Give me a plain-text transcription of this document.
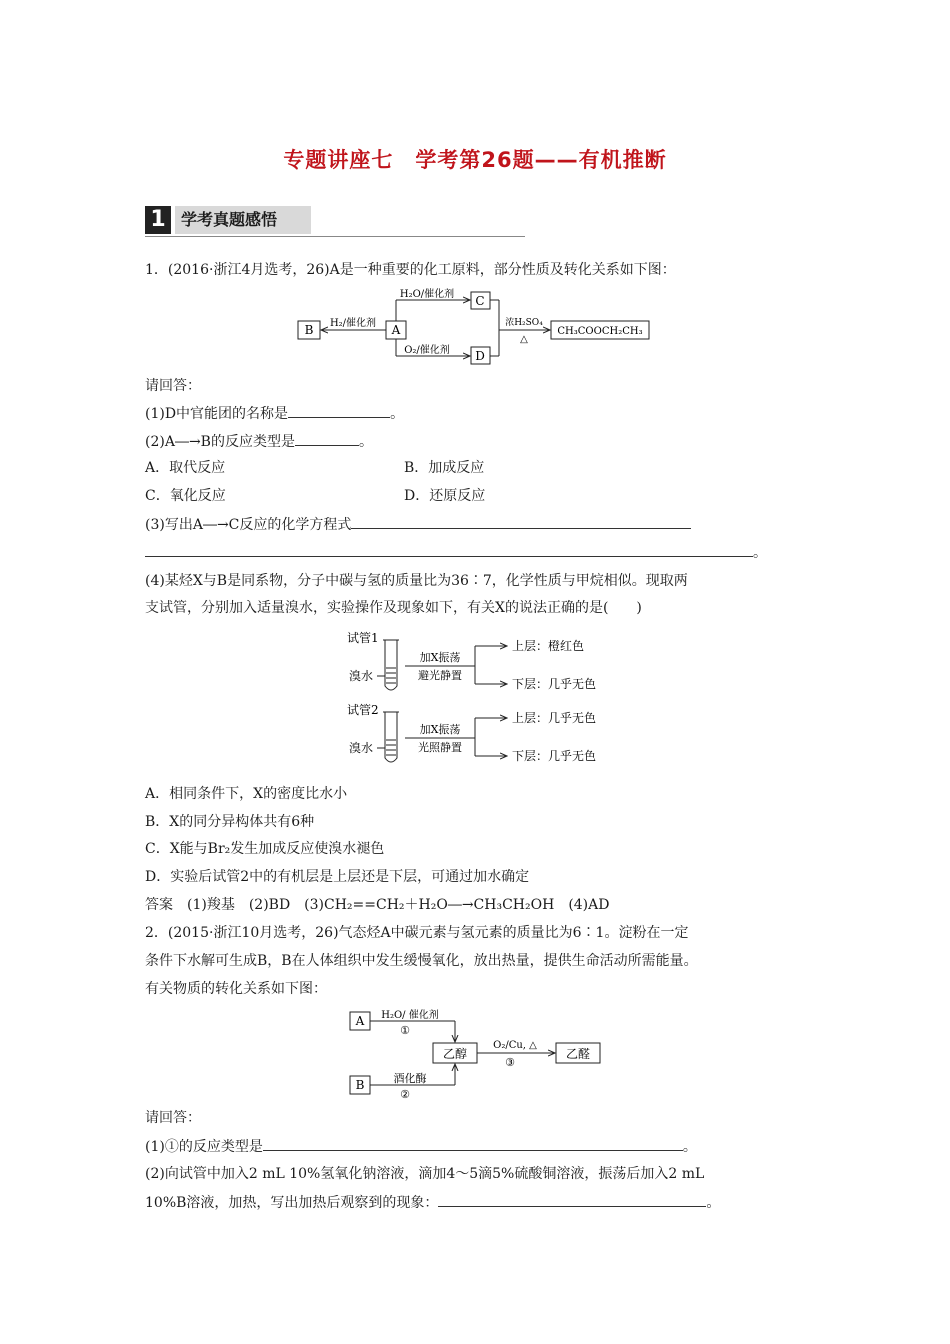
专题讲座七　学考第26题——有机推断
1 学考真题感悟
1．(2016·浙江4月选考，26)A是一种重要的化工原料，部分性质及转化关系如下图：
B	A
H₂/催化剂
H₂O/催化剂
O₂/催化剂
C
D
浓H₂SO₄
△
CH₃COOCH₂CH₃
请回答：
(1)D中官能团的名称是	。
(2)A―→B的反应类型是	。
A．取代反应	B．加成反应
C．氧化反应	D．还原反应
(3)写出A―→C反应的化学方程式
。
(4)某烃X与B是同系物，分子中碳与氢的质量比为36∶7，化学性质与甲烷相似。现取两
支试管，分别加入适量溴水，实验操作及现象如下，有关X的说法正确的是(　　)
试管1
溴水
加X振荡
避光静置
上层：橙红色
下层：几乎无色
试管2
溴水
加X振荡
光照静置
上层：几乎无色
下层：几乎无色
A．相同条件下，X的密度比水小
B．X的同分异构体共有6种
C．X能与Br₂发生加成反应使溴水褪色
D．实验后试管2中的有机层是上层还是下层，可通过加水确定
答案　(1)羧基　(2)BD　(3)CH₂==CH₂＋H₂O―→CH₃CH₂OH　(4)AD
2．(2015·浙江10月选考，26)气态烃A中碳元素与氢元素的质量比为6∶1。淀粉在一定
条件下水解可生成B，B在人体组织中发生缓慢氧化，放出热量，提供生命活动所需能量。
有关物质的转化关系如下图：
A
B
H₂O/ 催化剂
①
酒化酶
②
乙醇
O₂/Cu, △
③
乙醛
请回答：
(1)①的反应类型是	。
(2)向试管中加入2 mL 10%氢氧化钠溶液，滴加4～5滴5%硫酸铜溶液，振荡后加入2 mL
10%B溶液，加热，写出加热后观察到的现象：	。
